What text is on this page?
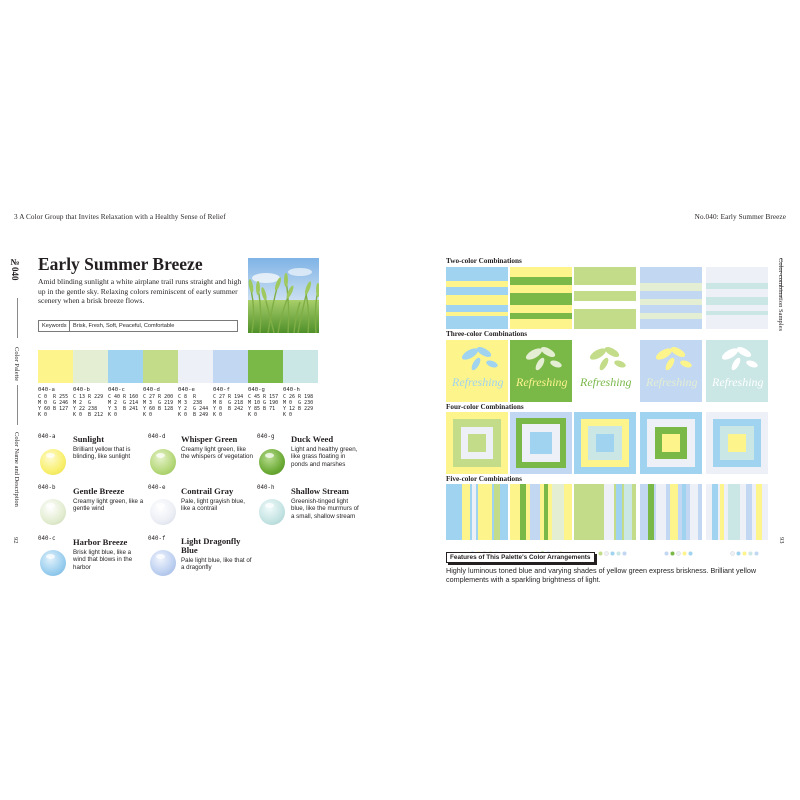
3 A Color Group that Invites Relaxation with a Healthy Sense of Relief
№040
Color Palette
Color Name and Description
92
Early Summer Breeze
Amid blinding sunlight a white airplane trail runs straight and high up in the gentle sky. Relaxing colors reminiscent of early summer scenery when a brisk breeze flows.
Keywords Brisk, Fresh, Soft, Peaceful, Comfortable
040-a
C 0  R 255
M 0  G 246
Y 60 B 127
K 0
040-b
C 13 R 229
M 2  G
Y 22 238
K 0  B 212
040-c
C 40 R 160
M 2  G 214
Y 3  B 241
K 0
040-d
C 27 R 200
M 3  G 219
Y 60 B 128
K 0
040-e
C 8  R
M 3  238
Y 2  G 244
K 0  B 249
040-f
C 27 R 194
M 8  G 218
Y 0  B 242
K 0
040-g
C 45 R 157
M 10 G 190
Y 85 B 71
K 0
040-h
C 26 R 198
M 0  G 230
Y 12 B 229
K 0
040-a Sunlight
Brilliant yellow that is blinding, like sunlight
040-d Whisper Green
Creamy light green, like the whispers of vegetation
040-g Duck Weed
Light and healthy green, like grass floating in ponds and marshes
040-b Gentle Breeze
Creamy light green, like a gentle wind
040-e Contrail Gray
Pale, light grayish blue, like a contrail
040-h Shallow Stream
Greenish-tinged light blue, like the murmurs of a small, shallow stream
040-c Harbor Breeze
Brisk light blue, like a wind that blows in the harbor
040-f Light Dragonfly Blue
Pale light blue, like that of a dragonfly
No.040: Early Summer Breeze
Color-combination Samples
93
Two-color Combinations
Three-color Combinations
Refreshing Refreshing Refreshing Refreshing Refreshing
Four-color Combinations
Five-color Combinations
Features of This Palette's Color Arrangements
Highly luminous toned blue and varying shades of yellow green express briskness. Brilliant yellow complements with a sparkling brightness of light.
